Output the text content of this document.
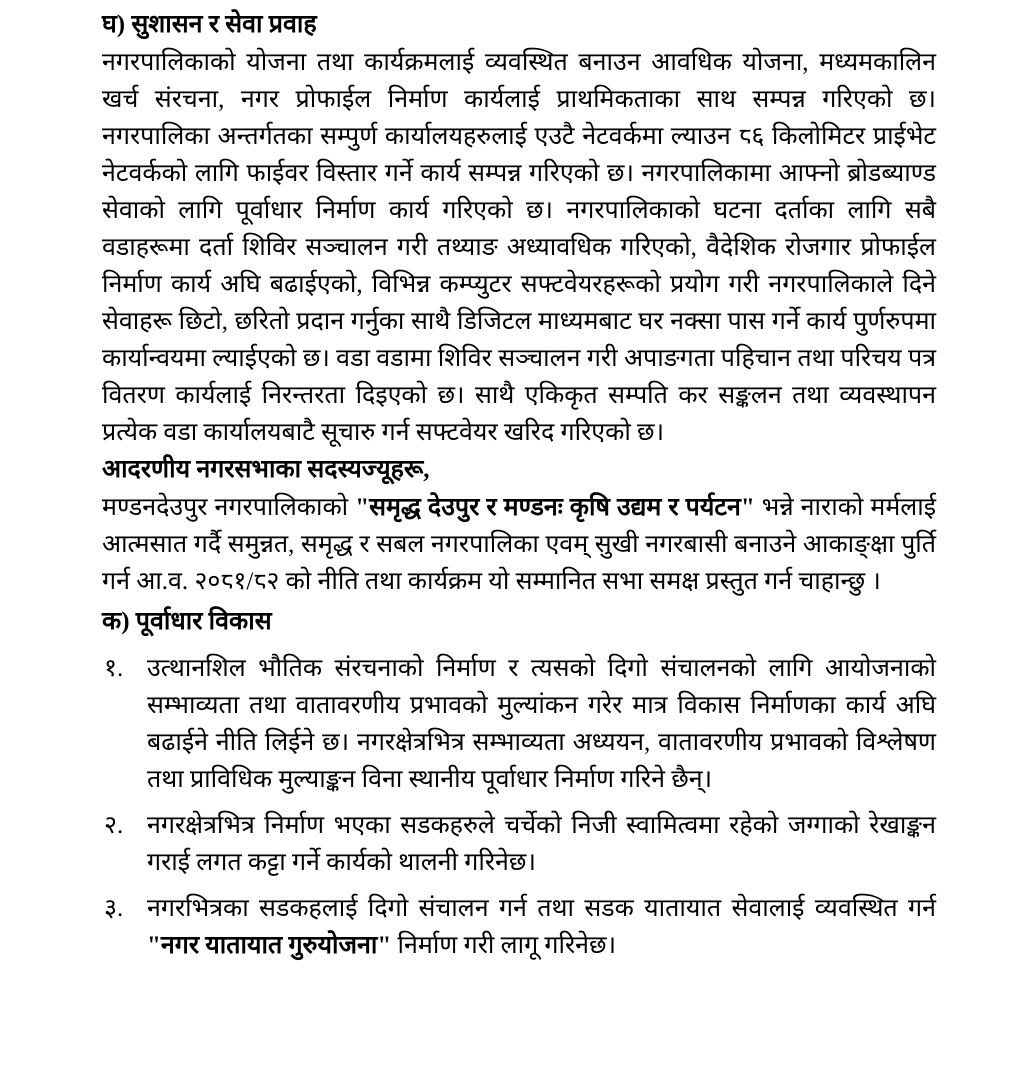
घ) सुशासन र सेवा प्रवाह

नगरपालिकाको योजना तथा कार्यक्रमलाई व्यवस्थित बनाउन आवधिक योजना, मध्यमकालिन खर्च संरचना, नगर प्रोफाईल निर्माण कार्यलाई प्राथमिकताका साथ सम्पन्न गरिएको छ। नगरपालिका अन्तर्गतका सम्पुर्ण कार्यालयहरुलाई एउटै नेटवर्कमा ल्याउन ८६ किलोमिटर प्राईभेट नेटवर्कको लागि फाईवर विस्तार गर्ने कार्य सम्पन्न गरिएको छ। नगरपालिकामा आफ्नो ब्रोडब्याण्ड सेवाको लागि पूर्वाधार निर्माण कार्य गरिएको छ। नगरपालिकाको घटना दर्ताका लागि सबै वडाहरूमा दर्ता शिविर सञ्चालन गरी तथ्याङ अध्यावधिक गरिएको, वैदेशिक रोजगार प्रोफाईल निर्माण कार्य अघि बढाईएको, विभिन्न कम्प्युटर सफ्टवेयरहरूको प्रयोग गरी नगरपालिकाले दिने सेवाहरू छिटो, छरितो प्रदान गर्नुका साथै डिजिटल माध्यमबाट घर नक्सा पास गर्ने कार्य पुर्णरुपमा कार्यान्वयमा ल्याईएको छ। वडा वडामा शिविर सञ्चालन गरी अपाङगता पहिचान तथा परिचय पत्र वितरण कार्यलाई निरन्तरता दिइएको छ। साथै एकिकृत सम्पति कर सङ्कलन तथा व्यवस्थापन प्रत्येक वडा कार्यालयबाटै सूचारु गर्न सफ्टवेयर खरिद गरिएको छ।

आदरणीय नगरसभाका सदस्यज्यूहरू,

मण्डनदेउपुर नगरपालिकाको "समृद्ध देउपुर र मण्डनः कृषि उद्यम र पर्यटन" भन्ने नाराको मर्मलाई आत्मसात गर्दै समुन्नत, समृद्ध र सबल नगरपालिका एवम् सुखी नगरबासी बनाउने आकाङ्क्षा पुर्ति गर्न आ.व. २०८१/८२ को नीति तथा कार्यक्रम यो सम्मानित सभा समक्ष प्रस्तुत गर्न चाहान्छु ।

क) पूर्वाधार विकास
१. उत्थानशिल भौतिक संरचनाको निर्माण र त्यसको दिगो संचालनको लागि आयोजनाको सम्भाव्यता तथा वातावरणीय प्रभावको मुल्यांकन गरेर मात्र विकास निर्माणका कार्य अघि बढाईने नीति लिईने छ। नगरक्षेत्रभित्र सम्भाव्यता अध्ययन, वातावरणीय प्रभावको विश्लेषण तथा प्राविधिक मुल्याङ्कन विना स्थानीय पूर्वाधार निर्माण गरिने छैन्।
२. नगरक्षेत्रभित्र निर्माण भएका सडकहरुले चर्चेको निजी स्वामित्वमा रहेको जग्गाको रेखाङ्कन गराई लगत कट्टा गर्ने कार्यको थालनी गरिनेछ।
३. नगरभित्रका सडकहलाई दिगो संचालन गर्न तथा सडक यातायात सेवालाई व्यवस्थित गर्न "नगर यातायात गुरुयोजना" निर्माण गरी लागू गरिनेछ।
